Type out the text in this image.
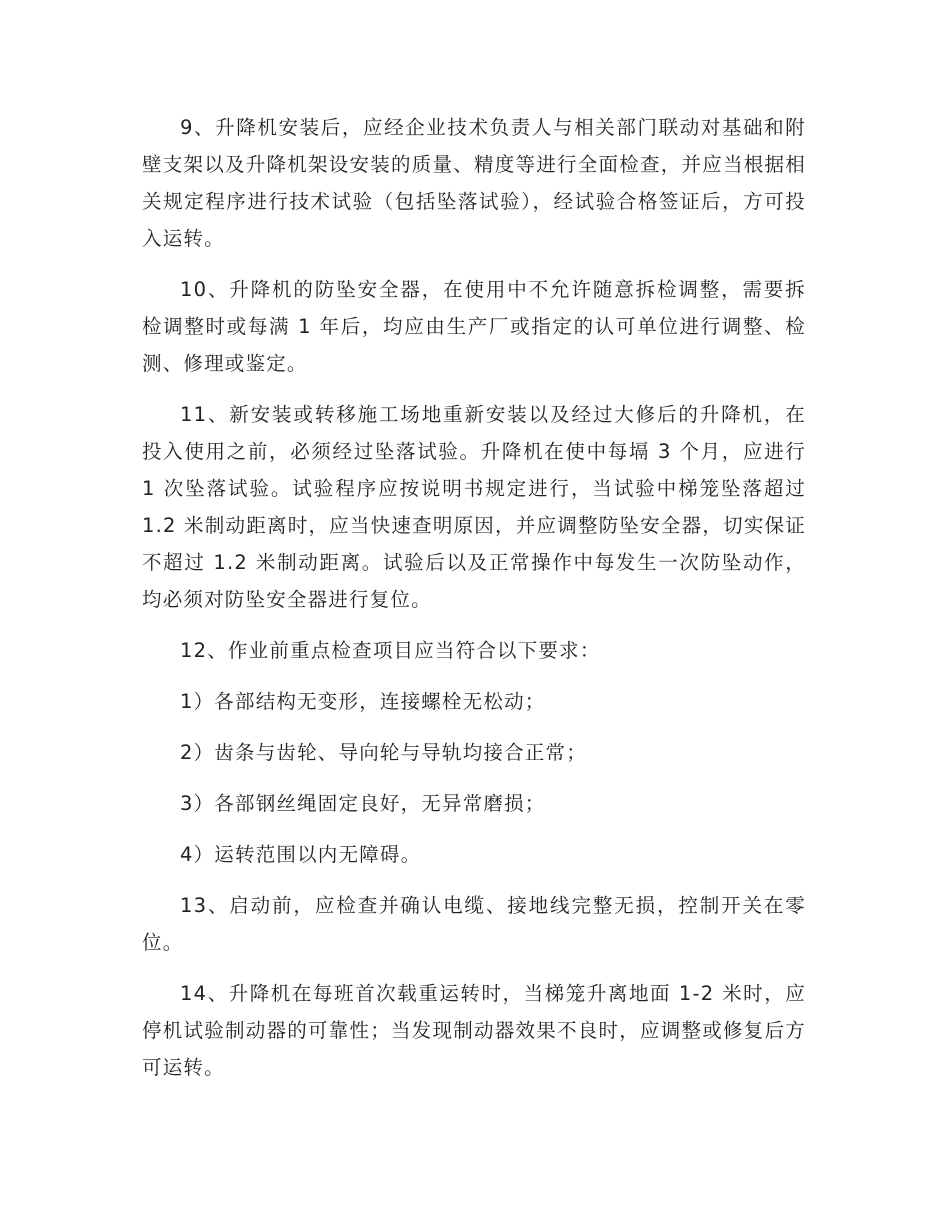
9、升降机安装后，应经企业技术负责人与相关部门联动对基础和附壁支架以及升降机架设安装的质量、精度等进行全面检查，并应当根据相关规定程序进行技术试验（包括坠落试验），经试验合格签证后，方可投入运转。

10、升降机的防坠安全器，在使用中不允许随意拆检调整，需要拆检调整时或每满 1 年后，均应由生产厂或指定的认可单位进行调整、检测、修理或鉴定。

11、新安装或转移施工场地重新安装以及经过大修后的升降机，在投入使用之前，必须经过坠落试验。升降机在使中每塥 3 个月，应进行 1 次坠落试验。试验程序应按说明书规定进行，当试验中梯笼坠落超过 1.2 米制动距离时，应当快速查明原因，并应调整防坠安全器，切实保证不超过 1.2 米制动距离。试验后以及正常操作中每发生一次防坠动作，均必须对防坠安全器进行复位。

12、作业前重点检查项目应当符合以下要求：

1）各部结构无变形，连接螺栓无松动；

2）齿条与齿轮、导向轮与导轨均接合正常；

3）各部钢丝绳固定良好，无异常磨损；

4）运转范围以内无障碍。

13、启动前，应检查并确认电缆、接地线完整无损，控制开关在零位。

14、升降机在每班首次载重运转时，当梯笼升离地面 1-2 米时，应停机试验制动器的可靠性；当发现制动器效果不良时，应调整或修复后方可运转。
